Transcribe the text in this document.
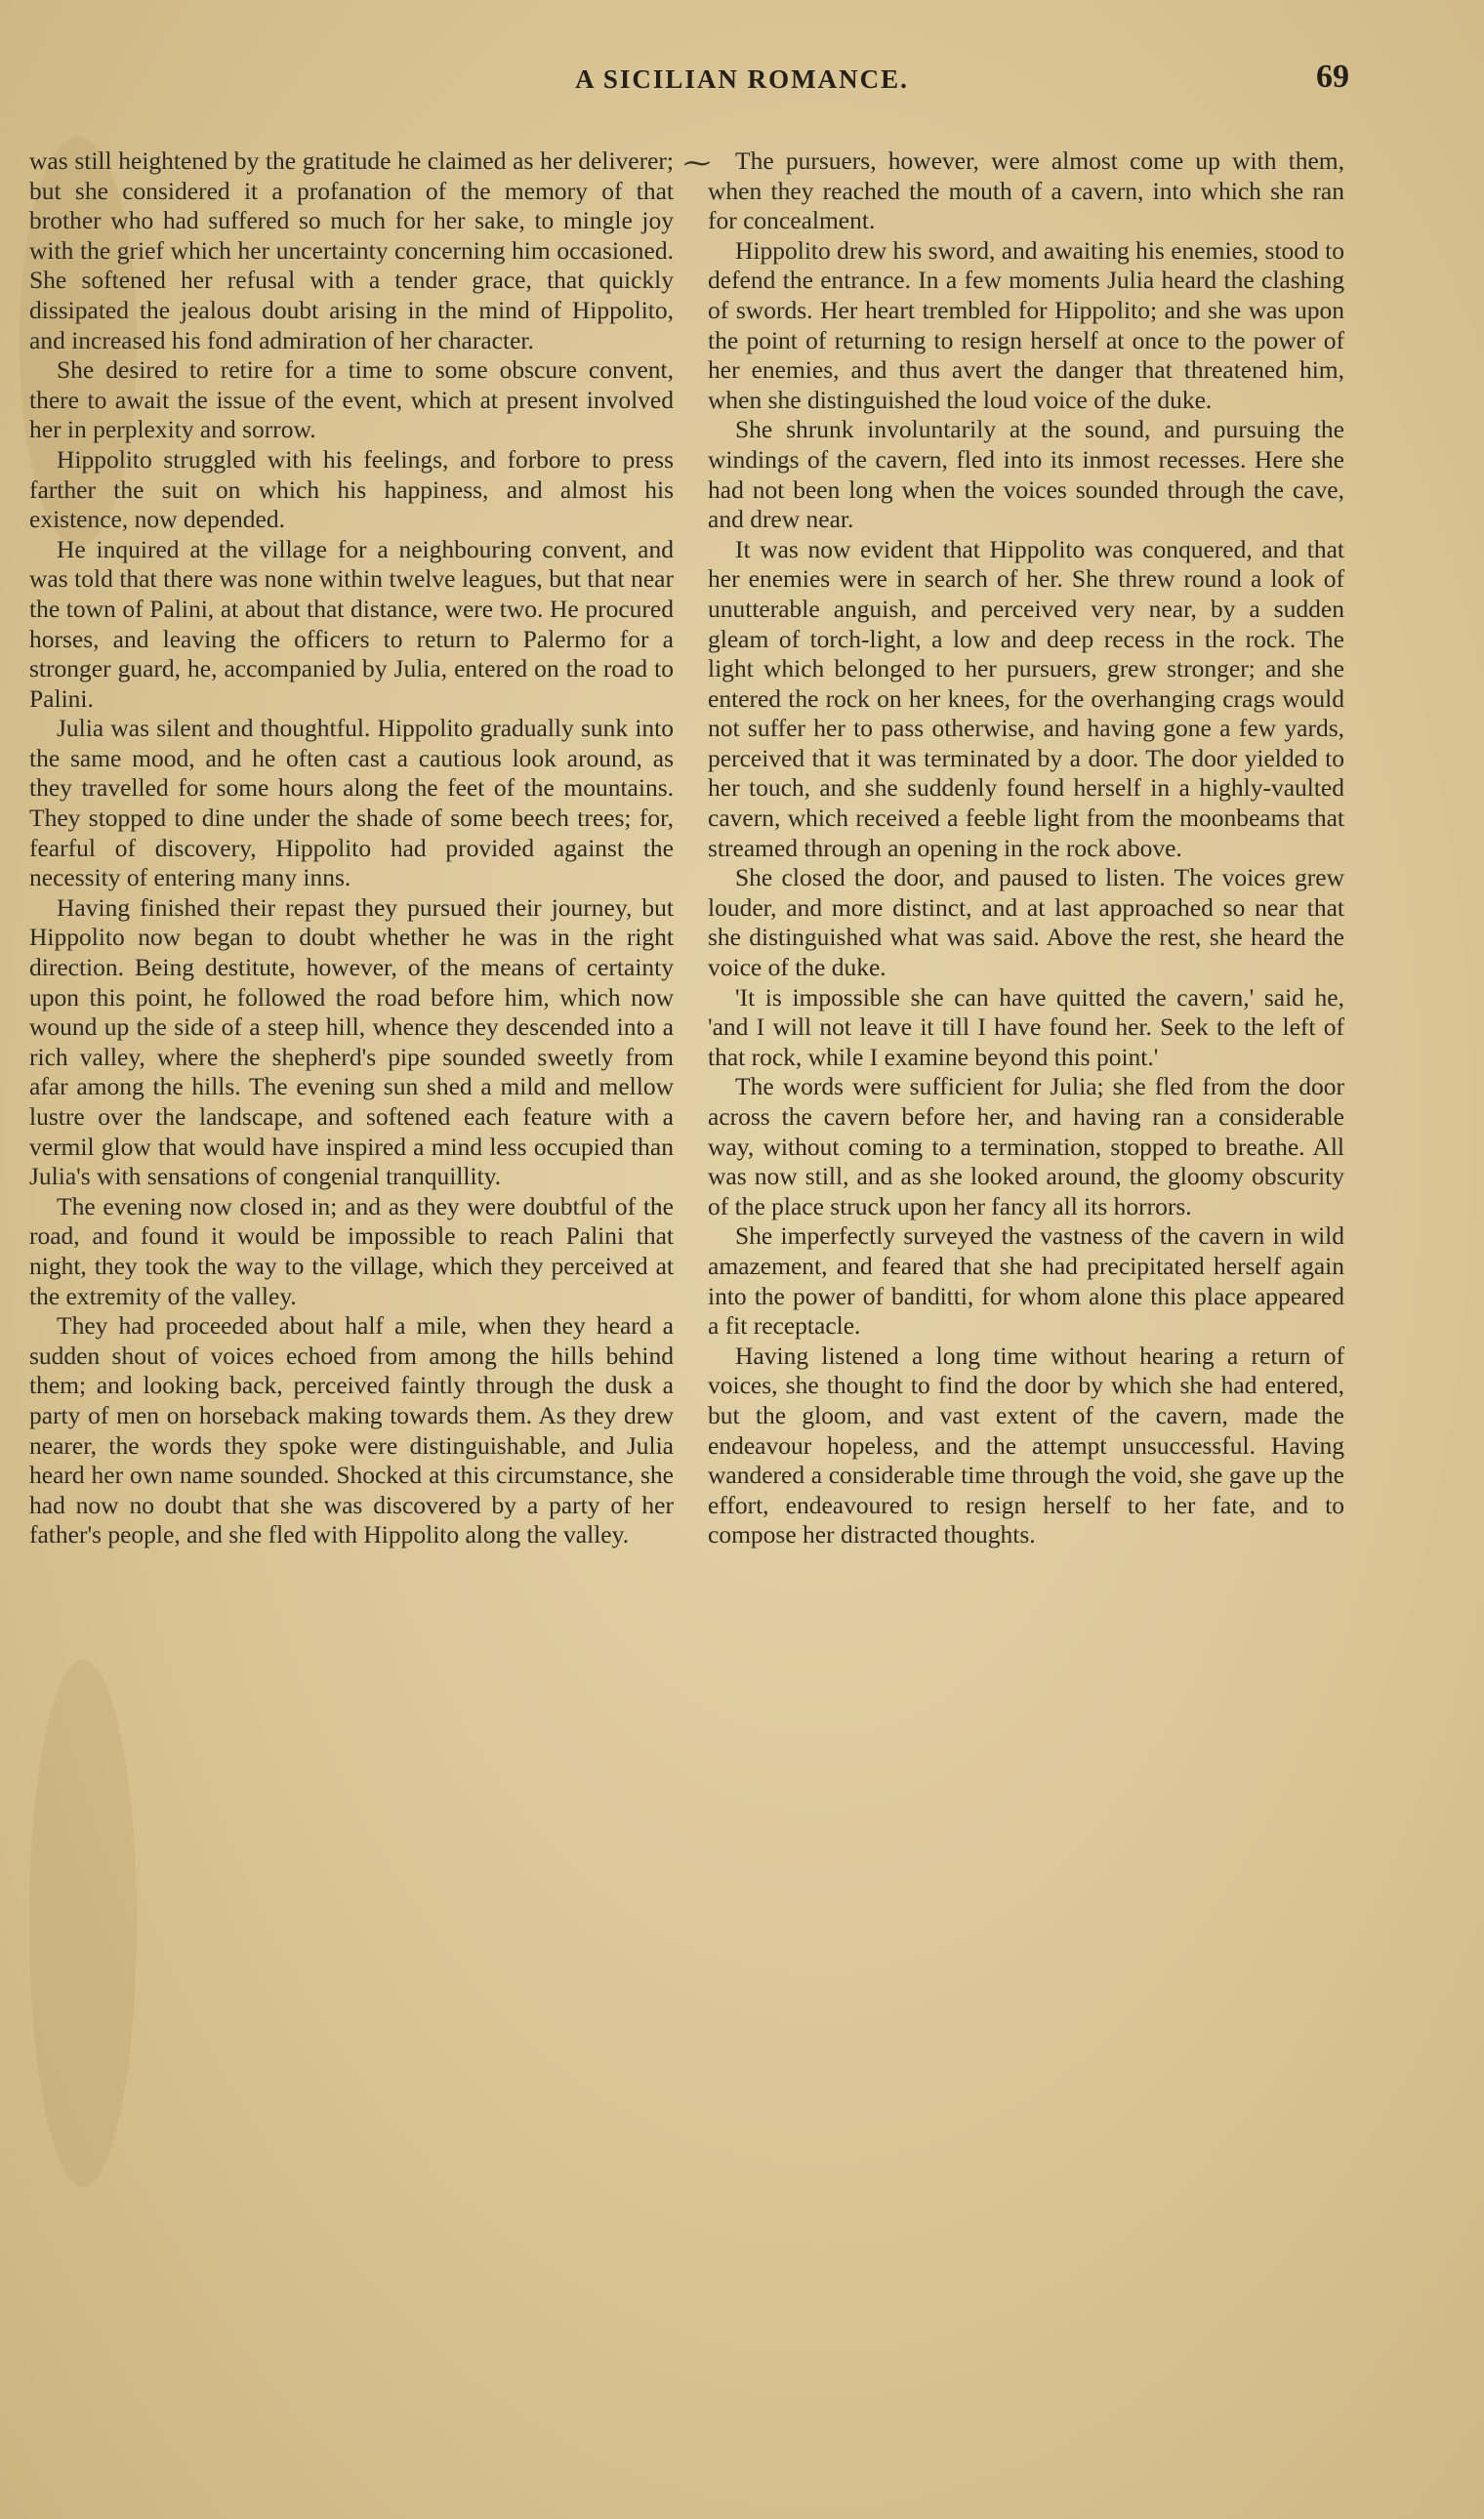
A SICILIAN ROMANCE.	69

was still heightened by the gratitude he claimed as her deliverer; but she considered it a profanation of the memory of that brother who had suffered so much for her sake, to mingle joy with the grief which her uncertainty concerning him occasioned. She softened her refusal with a tender grace, that quickly dissipated the jealous doubt arising in the mind of Hippolito, and increased his fond admiration of her character.

She desired to retire for a time to some obscure convent, there to await the issue of the event, which at present involved her in perplexity and sorrow.

Hippolito struggled with his feelings, and forbore to press farther the suit on which his happiness, and almost his existence, now depended.

He inquired at the village for a neighbouring convent, and was told that there was none within twelve leagues, but that near the town of Palini, at about that distance, were two. He procured horses, and leaving the officers to return to Palermo for a stronger guard, he, accompanied by Julia, entered on the road to Palini.

Julia was silent and thoughtful. Hippolito gradually sunk into the same mood, and he often cast a cautious look around, as they travelled for some hours along the feet of the mountains. They stopped to dine under the shade of some beech trees; for, fearful of discovery, Hippolito had provided against the necessity of entering many inns.

Having finished their repast they pursued their journey, but Hippolito now began to doubt whether he was in the right direction. Being destitute, however, of the means of certainty upon this point, he followed the road before him, which now wound up the side of a steep hill, whence they descended into a rich valley, where the shepherd's pipe sounded sweetly from afar among the hills. The evening sun shed a mild and mellow lustre over the landscape, and softened each feature with a vermil glow that would have inspired a mind less occupied than Julia's with sensations of congenial tranquillity.

The evening now closed in; and as they were doubtful of the road, and found it would be impossible to reach Palini that night, they took the way to the village, which they perceived at the extremity of the valley.

They had proceeded about half a mile, when they heard a sudden shout of voices echoed from among the hills behind them; and looking back, perceived faintly through the dusk a party of men on horseback making towards them. As they drew nearer, the words they spoke were distinguishable, and Julia heard her own name sounded. Shocked at this circumstance, she had now no doubt that she was discovered by a party of her father's people, and she fled with Hippolito along the valley.

The pursuers, however, were almost come up with them, when they reached the mouth of a cavern, into which she ran for concealment.

Hippolito drew his sword, and awaiting his enemies, stood to defend the entrance. In a few moments Julia heard the clashing of swords. Her heart trembled for Hippolito; and she was upon the point of returning to resign herself at once to the power of her enemies, and thus avert the danger that threatened him, when she distinguished the loud voice of the duke.

She shrunk involuntarily at the sound, and pursuing the windings of the cavern, fled into its inmost recesses. Here she had not been long when the voices sounded through the cave, and drew near.

It was now evident that Hippolito was conquered, and that her enemies were in search of her. She threw round a look of unutterable anguish, and perceived very near, by a sudden gleam of torch-light, a low and deep recess in the rock. The light which belonged to her pursuers, grew stronger; and she entered the rock on her knees, for the overhanging crags would not suffer her to pass otherwise, and having gone a few yards, perceived that it was terminated by a door. The door yielded to her touch, and she suddenly found herself in a highly-vaulted cavern, which received a feeble light from the moonbeams that streamed through an opening in the rock above.

She closed the door, and paused to listen. The voices grew louder, and more distinct, and at last approached so near that she distinguished what was said. Above the rest, she heard the voice of the duke.

'It is impossible she can have quitted the cavern,' said he, 'and I will not leave it till I have found her. Seek to the left of that rock, while I examine beyond this point.'

The words were sufficient for Julia; she fled from the door across the cavern before her, and having ran a considerable way, without coming to a termination, stopped to breathe. All was now still, and as she looked around, the gloomy obscurity of the place struck upon her fancy all its horrors.

She imperfectly surveyed the vastness of the cavern in wild amazement, and feared that she had precipitated herself again into the power of banditti, for whom alone this place appeared a fit receptacle.

Having listened a long time without hearing a return of voices, she thought to find the door by which she had entered, but the gloom, and vast extent of the cavern, made the endeavour hopeless, and the attempt unsuccessful. Having wandered a considerable time through the void, she gave up the effort, endeavoured to resign herself to her fate, and to compose her distracted thoughts.

⁓
